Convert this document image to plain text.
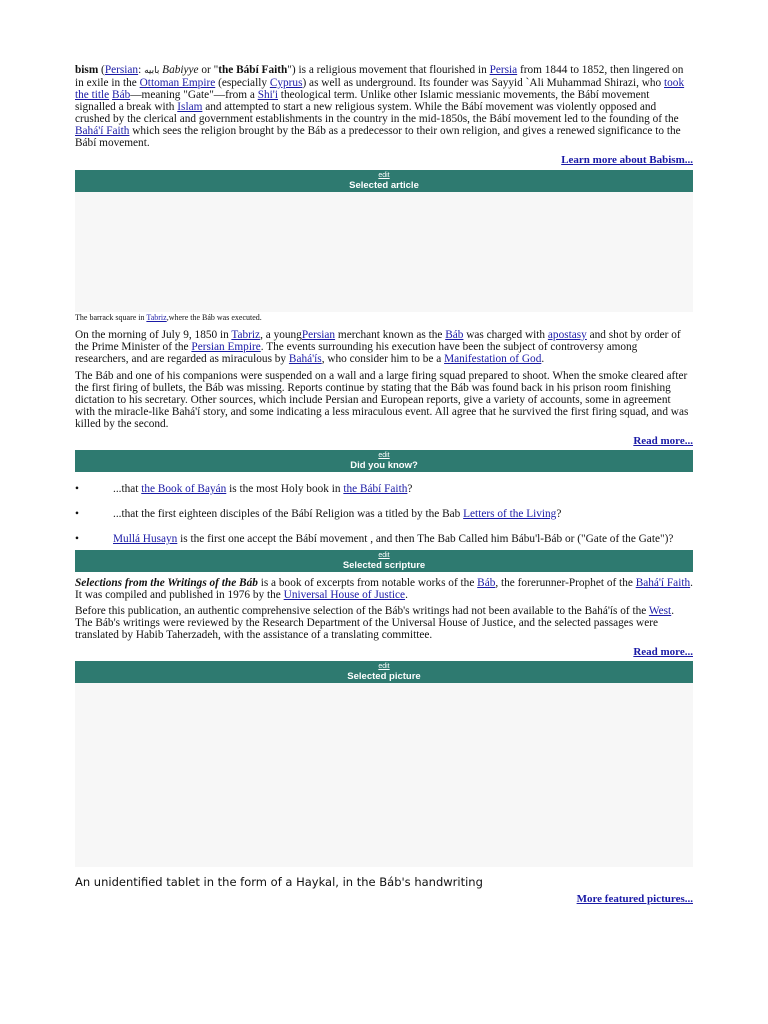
bism (Persian: بابیه Babiyye or "the Bábí Faith") is a religious movement that flourished in Persia from 1844 to 1852, then lingered on in exile in the Ottoman Empire (especially Cyprus) as well as underground. Its founder was Sayyid `Ali Muhammad Shirazi, who took the title Báb—meaning "Gate"—from a Shi'i theological term. Unlike other Islamic messianic movements, the Bábí movement signalled a break with Islam and attempted to start a new religious system. While the Bábí movement was violently opposed and crushed by the clerical and government establishments in the country in the mid-1850s, the Bábí movement led to the founding of the Bahá'í Faith which sees the religion brought by the Báb as a predecessor to their own religion, and gives a renewed significance to the Bábí movement.

Learn more about Babism...
edit
Selected article

The barrack square in Tabriz,where the Báb was executed.

On the morning of July 9, 1850 in Tabriz, a youngPersian merchant known as the Báb was charged with apostasy and shot by order of the Prime Minister of the Persian Empire. The events surrounding his execution have been the subject of controversy among researchers, and are regarded as miraculous by Bahá'ís, who consider him to be a Manifestation of God.

The Báb and one of his companions were suspended on a wall and a large firing squad prepared to shoot. When the smoke cleared after the first firing of bullets, the Báb was missing. Reports continue by stating that the Báb was found back in his prison room finishing dictation to his secretary. Other sources, which include Persian and European reports, give a variety of accounts, some in agreement with the miracle-like Bahá'í story, and some indicating a less miraculous event. All agree that he survived the first firing squad, and was killed by the second.

Read more...
edit
Did you know?
•	...that the Book of Bayán is the most Holy book in the Bábí Faith?
•	...that the first eighteen disciples of the Bábí Religion was a titled by the Bab Letters of the Living?
•	Mullá Husayn is the first one accept the Bábí movement , and then The Bab Called him Bábu'l-Báb or ("Gate of the Gate")?
edit
Selected scripture

Selections from the Writings of the Báb is a book of excerpts from notable works of the Báb, the forerunner-Prophet of the Bahá'í Faith. It was compiled and published in 1976 by the Universal House of Justice.

Before this publication, an authentic comprehensive selection of the Báb's writings had not been available to the Bahá'ís of the West. The Báb's writings were reviewed by the Research Department of the Universal House of Justice, and the selected passages were translated by Habib Taherzadeh, with the assistance of a translating committee.

Read more...
edit
Selected picture

An unidentified tablet in the form of a Haykal, in the Báb's handwriting

More featured pictures...
